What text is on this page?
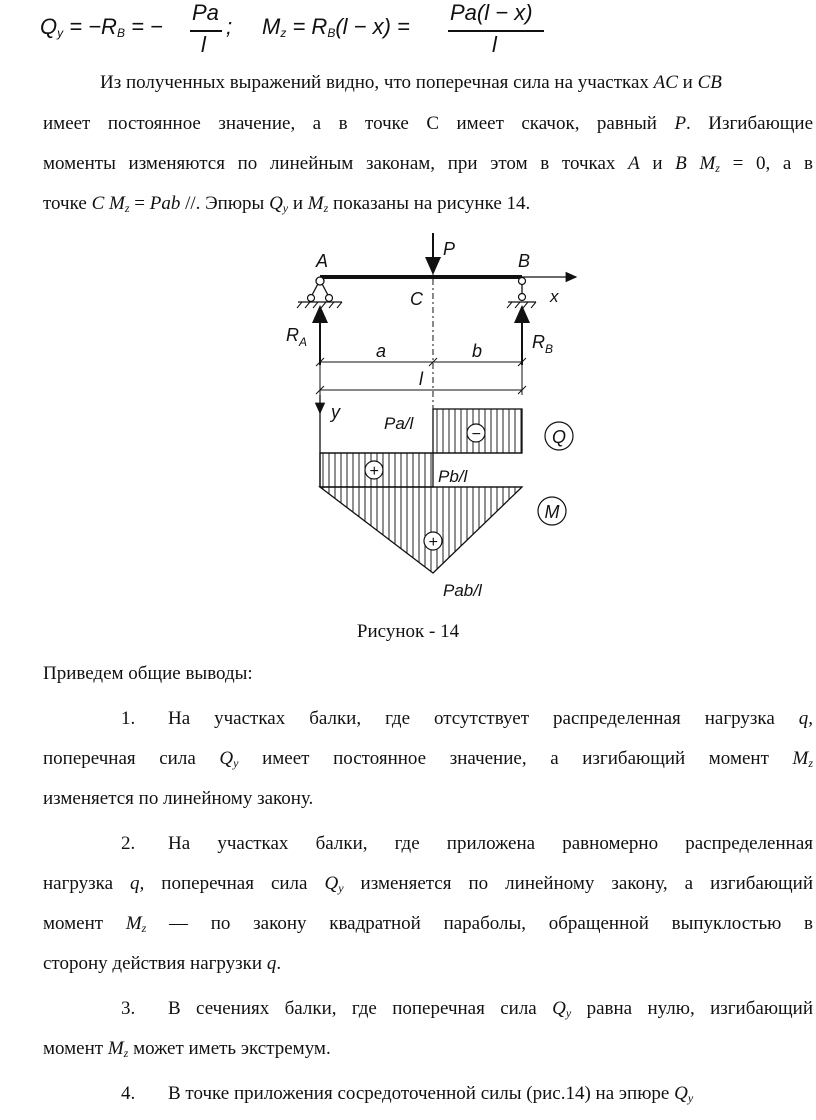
$Q_y = -R_B$ = −
Pa
l
; $M_z = R_B(l - x)$ =
Pa(l − x)
l
Из полученных выражений видно, что поперечная сила на участках AC и CB
имеет постоянное значение, а в точке С имеет скачок, равный P. Изгибающие
моменты изменяются по линейным законам, при этом в точках A и B $M_z = 0$, а в
точке C $M_z$ = Pab //. Эпюры $Q_y$ и $M_z$ показаны на рисунке 14.
x
P
A	B
C
$R_A$	$R_B$
a	b
l
y
−
+
Pa/l
Pb/l
Q
+
Pab/l
M
Рисунок - 14
Приведем общие выводы:
1. На участках балки, где отсутствует распределенная нагрузка q,
поперечная сила $Q_y$ имеет постоянное значение, а изгибающий момент $M_z$
изменяется по линейному закону.
2. На участках балки, где приложена равномерно распределенная
нагрузка q, поперечная сила $Q_y$ изменяется по линейному закону, а изгибающий
момент $M_z$ — по закону квадратной параболы, обращенной выпуклостью в
сторону действия нагрузки q.
3. В сечениях балки, где поперечная сила $Q_y$ равна нулю, изгибающий
момент $M_z$ может иметь экстремум.
4. В точке приложения сосредоточенной силы (рис.14) на эпюре $Q_y$
